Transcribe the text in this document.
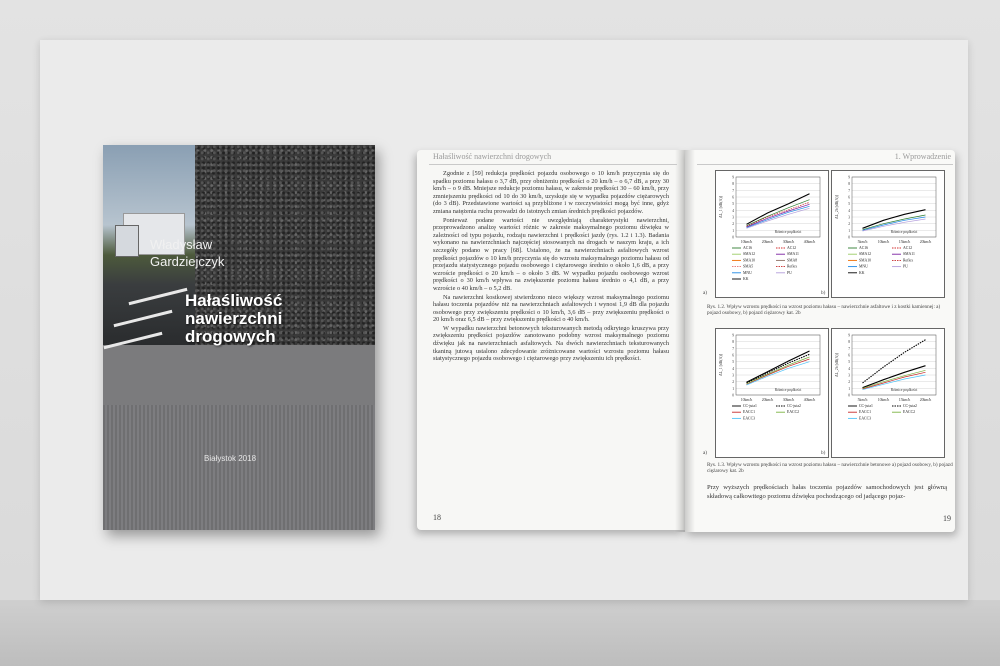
Władysław
Gardziejczyk
Hałaśliwość
nawierzchni
drogowych
Białystok 2018
Hałaśliwość nawierzchni drogowych

Zgodnie z [59] redukcja prędkości pojazdu osobowego o 10 km/h przyczynia się do spadku poziomu hałasu o 3,7 dB, przy obniżeniu prędkości o 20 km/h – o 6,7 dB, a przy 30 km/h – o 9 dB. Mniejsze redukcje poziomu hałasu, w zakresie prędkości 30 – 60 km/h, przy zmniejszeniu prędkości od 10 do 30 km/h, uzyskuje się w wypadku pojazdów ciężarowych (do 3 dB). Przedstawione wartości są przybliżone i w rzeczywistości mogą być inne, gdyż zmiana natężenia ruchu prowadzi do istotnych zmian średnich prędkości pojazdów.

Ponieważ podane wartości nie uwzględniają charakterystyki nawierzchni, przeprowadzono analizę wartości różnic w zakresie maksymalnego poziomu dźwięku w zależności od typu pojazdu, rodzaju nawierzchni i prędkości jazdy (rys. 1.2 i 1.3). Badania wykonano na nawierzchniach najczęściej stosowanych na drogach w naszym kraju, a ich szczegóły podano w pracy [68]. Ustalono, że na nawierzchniach asfaltowych wzrost prędkości pojazdów o 10 km/h przyczynia się do wzrostu maksymalnego poziomu hałasu od przejazdu statystycznego pojazdu osobowego i ciężarowego średnio o około 1,6 dB, a przy wzroście prędkości o 20 km/h – o około 3 dB. W wypadku pojazdu osobowego wzrost prędkości o 30 km/h wpływa na zwiększenie poziomu hałasu średnio o 4,1 dB, a przy wzroście o 40 km/h – o 5,2 dB.

Na nawierzchni kostkowej stwierdzono nieco większy wzrost maksymalnego poziomu hałasu toczenia pojazdów niż na nawierzchniach asfaltowych i wynosi 1,9 dB dla pojazdu osobowego przy zwiększeniu prędkości o 10 km/h, 3,6 dB – przy zwiększeniu prędkości o 20 km/h oraz 6,5 dB – przy zwiększeniu prędkości o 40 km/h.

W wypadku nawierzchni betonowych teksturowanych metodą odkrytego kruszywa przy zwiększeniu prędkości pojazdów zanotowano podobny wzrost maksymalnego poziomu dźwięku jak na nawierzchniach asfaltowych. Na dwóch nawierzchniach teksturowanych tkaniną jutową ustalono zdecydowanie zróżnicowane wartości wzrostu poziomu hałasu statystycznego pojazdu osobowego i ciężarowego przy zwiększeniu ich prędkości.

18
1. Wprowadzenie
0
1
2
3
4
5
6
7
8
9
ΔL_1 [dB(A)]
10km/h 20km/h 30km/h 40km/h
Różnice prędkości
AC16	AC12
SMA12	SMA11
SMA10	SMA8
SMA5	Reflex
MNU	PU
KK
0
1
2
3
4
5
6
7
8
9
ΔL_2b [dB(A)]
5km/h	10km/h 15km/h 20km/h
Różnice prędkości
AC16	AC12
SMA12	SMA11
SMA10	Reflex
MNU	PU
KK
a)	b)
Rys. 1.2. Wpływ wzrostu prędkości na wzrost poziomu hałasu – nawierzchnie asfaltowe i z kostki kamiennej: a) pojazd osobowy, b) pojazd ciężarowy kat. 2b
0
1
2
3
4
5
6
7
8
9
ΔL_1 [dB(A)]
10km/h 20km/h 30km/h 40km/h
Różnice prędkości
CC-juta1	CC-juta2
EACC1	EACC2
EACC3
0
1
2
3
4
5
6
7
8
9
ΔL_2b [dB(A)]
5km/h	10km/h 15km/h 20km/h
Różnice prędkości
CC-juta1	CC-juta2
EACC1	EACC2
EACC3
a)	b)
Rys. 1.3. Wpływ wzrostu prędkości na wzrost poziomu hałasu – nawierzchnie betonowe a) pojazd osobowy, b) pojazd ciężarowy kat. 2b
Przy wyższych prędkościach hałas toczenia pojazdów samochodowych jest główną składową całkowitego poziomu dźwięku pochodzącego od jadącego pojaz-
19
